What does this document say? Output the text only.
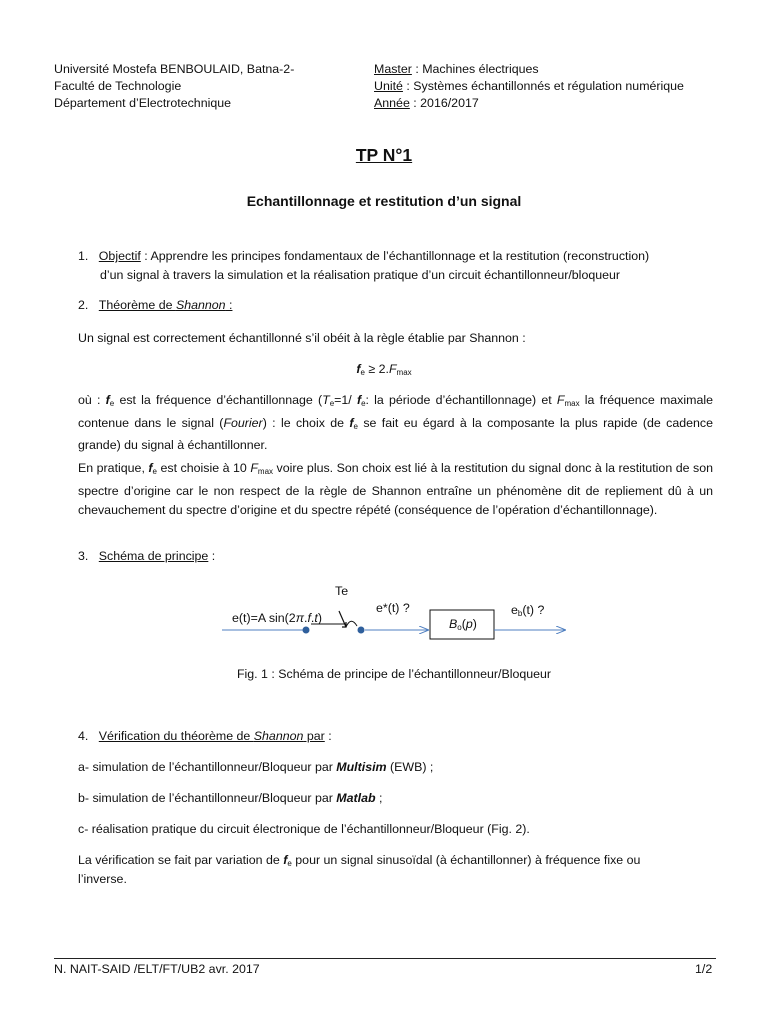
Université Mostefa BENBOULAID, Batna-2-
Faculté de Technologie
Département d’Electrotechnique
Master : Machines électriques
Unité : Systèmes échantillonnés et régulation numérique
Année : 2016/2017
TP N°1
Echantillonnage et restitution d’un signal
1. Objectif : Apprendre les principes fondamentaux de l’échantillonnage et la restitution (reconstruction)
d’un signal à travers la simulation et la réalisation pratique d’un circuit échantillonneur/bloqueur
2. Théorème de Shannon :
Un signal est correctement échantillonné s’il obéit à la règle établie par Shannon :
$f_e \ge 2.F_{max}$

où : $f_e$ est la fréquence d’échantillonnage ($T_e=1/$ $f_e$: la période d’échantillonnage) et $F_{max}$ la fréquence maximale contenue dans le signal (Fourier) : le choix de $f_e$ se fait eu égard à la composante la plus rapide (de cadence grande) du signal à échantillonner.

En pratique, $f_e$ est choisie à 10 $F_{max}$ voire plus. Son choix est lié à la restitution du signal donc à la restitution de son spectre d’origine car le non respect de la règle de Shannon entraîne un phénomène dit de repliement dû à un chevauchement du spectre d’origine et du spectre répété (conséquence de l’opération d’échantillonnage).

3. Schéma de principe :
Te
e(t)=A sin(2π.f.t)
e*(t) ?
$B_o(p)$
$e_b(t)$ ?
Fig. 1 : Schéma de principe de l’échantillonneur/Bloqueur
4. Vérification du théorème de Shannon par :
a- simulation de l’échantillonneur/Bloqueur par Multisim (EWB) ;
b- simulation de l’échantillonneur/Bloqueur par Matlab ;
c- réalisation pratique du circuit électronique de l’échantillonneur/Bloqueur (Fig. 2).
La vérification se fait par variation de $f_e$ pour un signal sinusoïdal (à échantillonner) à fréquence fixe ou
l’inverse.
N. NAIT-SAID /ELT/FT/UB2 avr. 2017	1/2
